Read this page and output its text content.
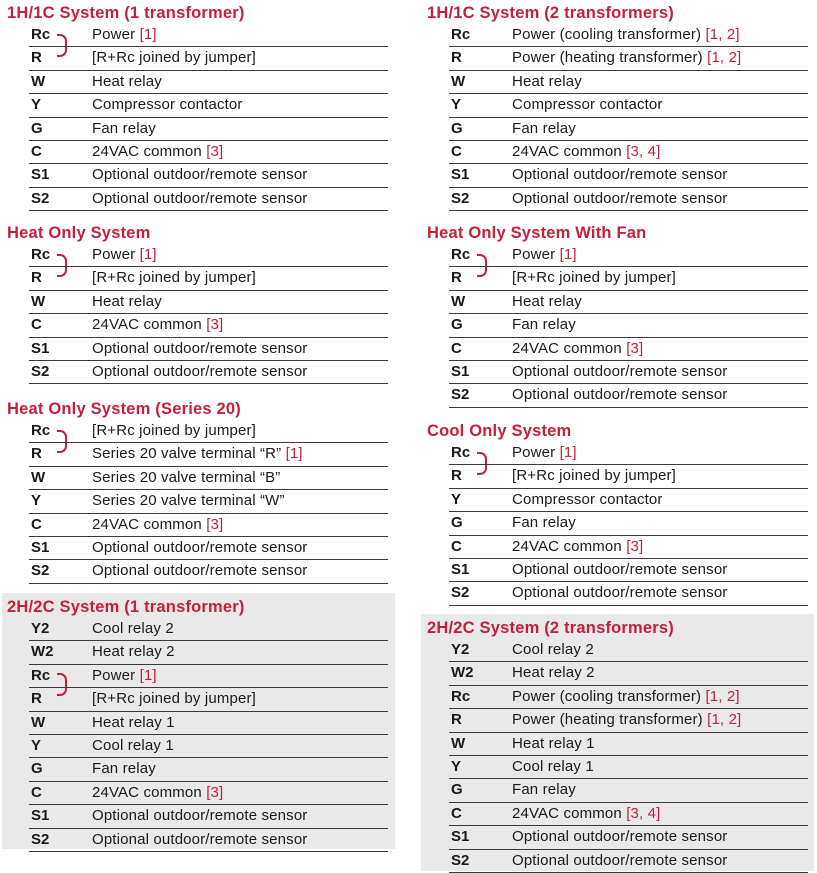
1H/1C System (1 transformer)
Rc	Power [1]
R	[R+Rc joined by jumper]
W	Heat relay
Y	Compressor contactor
G	Fan relay
C	24VAC common [3]
S1	Optional outdoor/remote sensor
S2	Optional outdoor/remote sensor
Heat Only System
Rc	Power [1]
R	[R+Rc joined by jumper]
W	Heat relay
C	24VAC common [3]
S1	Optional outdoor/remote sensor
S2	Optional outdoor/remote sensor
Heat Only System (Series 20)
Rc	[R+Rc joined by jumper]
R	Series 20 valve terminal “R” [1]
W	Series 20 valve terminal “B”
Y	Series 20 valve terminal “W”
C	24VAC common [3]
S1	Optional outdoor/remote sensor
S2	Optional outdoor/remote sensor
2H/2C System (1 transformer)
Y2	Cool relay 2
W2	Heat relay 2
Rc	Power [1]
R	[R+Rc joined by jumper]
W	Heat relay 1
Y	Cool relay 1
G	Fan relay
C	24VAC common [3]
S1	Optional outdoor/remote sensor
S2	Optional outdoor/remote sensor
1H/1C System (2 transformers)
Rc	Power (cooling transformer) [1, 2]
R	Power (heating transformer) [1, 2]
W	Heat relay
Y	Compressor contactor
G	Fan relay
C	24VAC common [3, 4]
S1	Optional outdoor/remote sensor
S2	Optional outdoor/remote sensor
Heat Only System With Fan
Rc	Power [1]
R	[R+Rc joined by jumper]
W	Heat relay
G	Fan relay
C	24VAC common [3]
S1	Optional outdoor/remote sensor
S2	Optional outdoor/remote sensor
Cool Only System
Rc	Power [1]
R	[R+Rc joined by jumper]
Y	Compressor contactor
G	Fan relay
C	24VAC common [3]
S1	Optional outdoor/remote sensor
S2	Optional outdoor/remote sensor
2H/2C System (2 transformers)
Y2	Cool relay 2
W2	Heat relay 2
Rc	Power (cooling transformer) [1, 2]
R	Power (heating transformer) [1, 2]
W	Heat relay 1
Y	Cool relay 1
G	Fan relay
C	24VAC common [3, 4]
S1	Optional outdoor/remote sensor
S2	Optional outdoor/remote sensor
